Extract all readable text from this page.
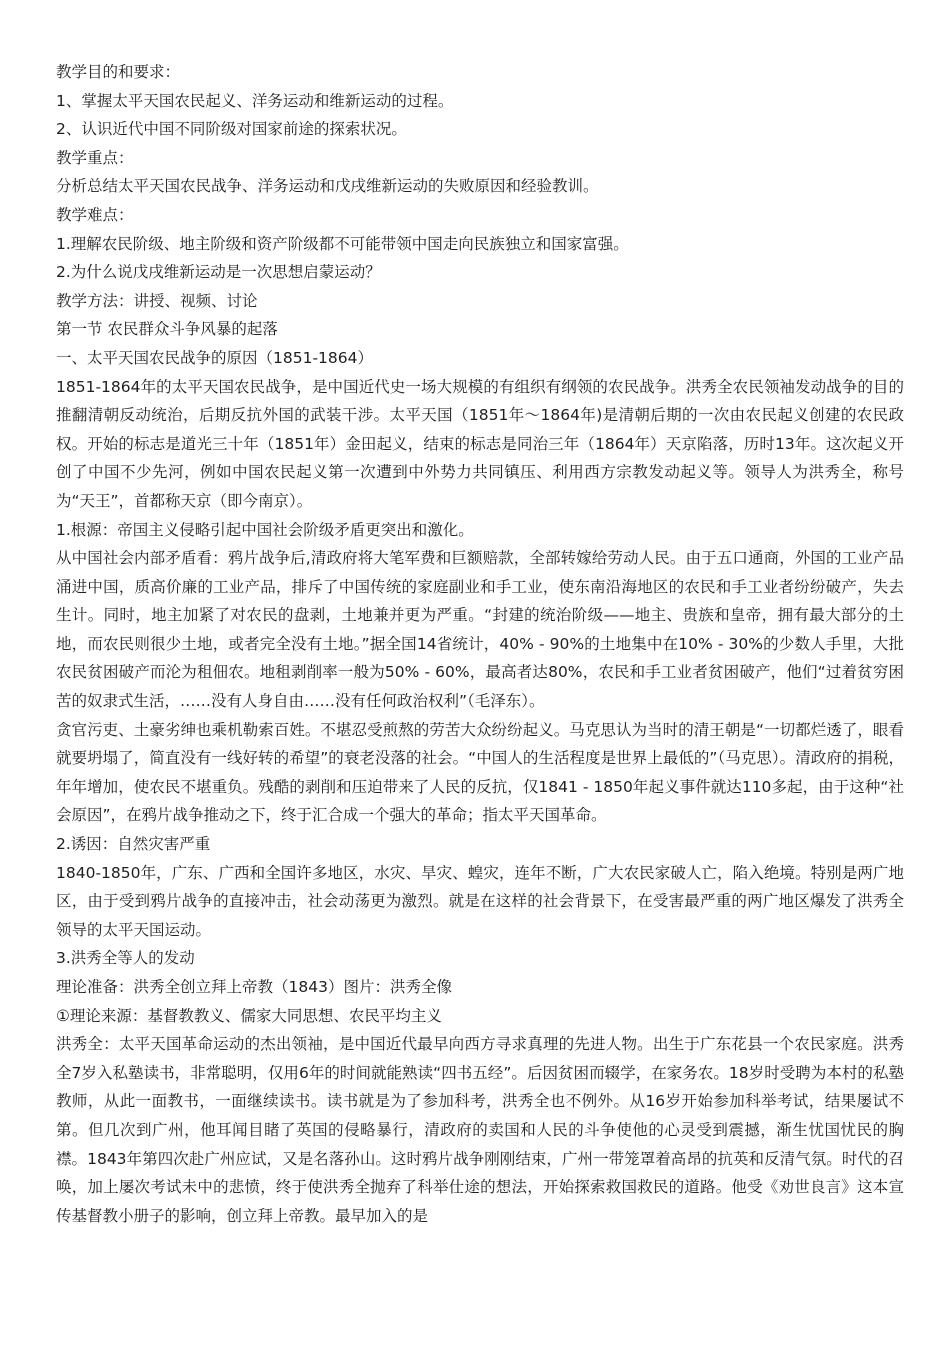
教学目的和要求：

1、掌握太平天国农民起义、洋务运动和维新运动的过程。

2、认识近代中国不同阶级对国家前途的探索状况。

教学重点：

分析总结太平天国农民战争、洋务运动和戊戌维新运动的失败原因和经验教训。

教学难点：

1.理解农民阶级、地主阶级和资产阶级都不可能带领中国走向民族独立和国家富强。

2.为什么说戊戌维新运动是一次思想启蒙运动？

教学方法：讲授、视频、讨论

第一节 农民群众斗争风暴的起落

一、太平天国农民战争的原因（1851-1864）

1851-1864年的太平天国农民战争，是中国近代史一场大规模的有组织有纲领的农民战争。洪秀全农民领袖发动战争的目的推翻清朝反动统治，后期反抗外国的武装干涉。太平天国（1851年～1864年)是清朝后期的一次由农民起义创建的农民政权。开始的标志是道光三十年（1851年）金田起义，结束的标志是同治三年（1864年）天京陷落，历时13年。这次起义开创了中国不少先河，例如中国农民起义第一次遭到中外势力共同镇压、利用西方宗教发动起义等。领导人为洪秀全，称号为“天王”，首都称天京（即今南京）。

1.根源：帝国主义侵略引起中国社会阶级矛盾更突出和激化。

从中国社会内部矛盾看：鸦片战争后,清政府将大笔军费和巨额赔款，全部转嫁给劳动人民。由于五口通商，外国的工业产品涌进中国，质高价廉的工业产品，排斥了中国传统的家庭副业和手工业，使东南沿海地区的农民和手工业者纷纷破产，失去生计。同时，地主加紧了对农民的盘剥，土地兼并更为严重。“封建的统治阶级——地主、贵族和皇帝，拥有最大部分的土地，而农民则很少土地，或者完全没有土地。”据全国14省统计，40% - 90%的土地集中在10% - 30%的少数人手里，大批农民贫困破产而沦为租佃农。地租剥削率一般为50% - 60%，最高者达80%，农民和手工业者贫困破产，他们“过着贫穷困苦的奴隶式生活，……没有人身自由……没有任何政治权利”（毛泽东）。

贪官污吏、土豪劣绅也乘机勒索百姓。不堪忍受煎熬的劳苦大众纷纷起义。马克思认为当时的清王朝是“一切都烂透了，眼看就要坍塌了，简直没有一线好转的希望”的衰老没落的社会。“中国人的生活程度是世界上最低的”（马克思）。清政府的捐税，年年增加，使农民不堪重负。残酷的剥削和压迫带来了人民的反抗，仅1841 - 1850年起义事件就达110多起，由于这种“社会原因”，在鸦片战争推动之下，终于汇合成一个强大的革命；指太平天国革命。

2.诱因：自然灾害严重

1840-1850年，广东、广西和全国许多地区，水灾、旱灾、蝗灾，连年不断，广大农民家破人亡，陷入绝境。特别是两广地区，由于受到鸦片战争的直接冲击，社会动荡更为激烈。就是在这样的社会背景下，在受害最严重的两广地区爆发了洪秀全领导的太平天国运动。

3.洪秀全等人的发动

理论准备：洪秀全创立拜上帝教（1843）图片：洪秀全像

①理论来源：基督教教义、儒家大同思想、农民平均主义

洪秀全：太平天国革命运动的杰出领袖，是中国近代最早向西方寻求真理的先进人物。出生于广东花县一个农民家庭。洪秀全7岁入私塾读书，非常聪明，仅用6年的时间就能熟读“四书五经”。后因贫困而辍学，在家务农。18岁时受聘为本村的私塾教师，从此一面教书，一面继续读书。读书就是为了参加科考，洪秀全也不例外。从16岁开始参加科举考试，结果屡试不第。但几次到广州，他耳闻目睹了英国的侵略暴行，清政府的卖国和人民的斗争使他的心灵受到震撼，渐生忧国忧民的胸襟。1843年第四次赴广州应试，又是名落孙山。这时鸦片战争刚刚结束，广州一带笼罩着高昂的抗英和反清气氛。时代的召唤，加上屡次考试未中的悲愤，终于使洪秀全抛弃了科举仕途的想法，开始探索救国救民的道路。他受《劝世良言》这本宣传基督教小册子的影响，创立拜上帝教。最早加入的是
